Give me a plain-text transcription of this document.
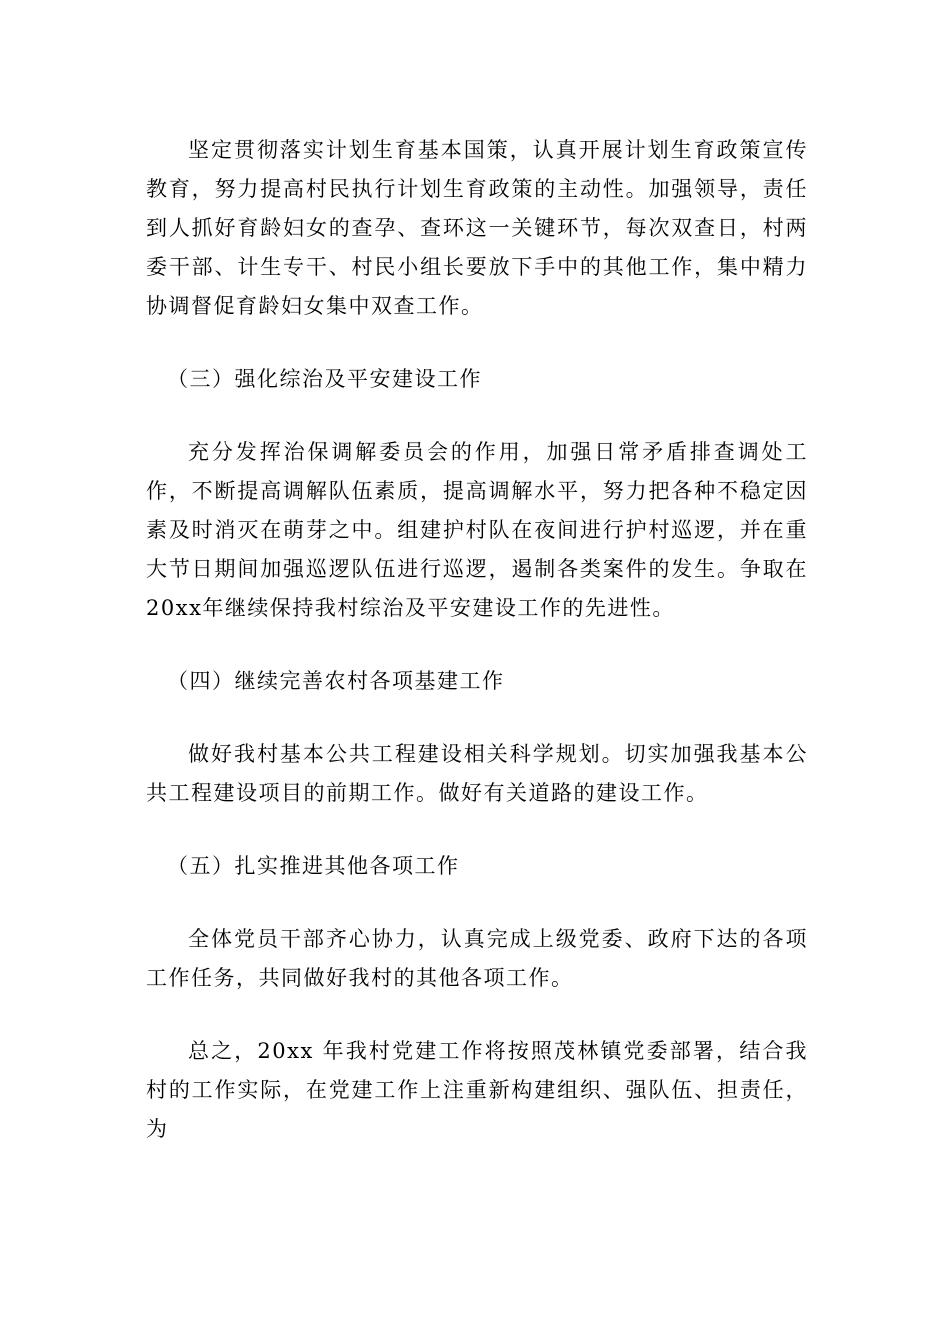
坚定贯彻落实计划生育基本国策，认真开展计划生育政策宣传教育，努力提高村民执行计划生育政策的主动性。加强领导，责任到人抓好育龄妇女的查孕、查环这一关键环节，每次双查日，村两委干部、计生专干、村民小组长要放下手中的其他工作，集中精力协调督促育龄妇女集中双查工作。

（三）强化综治及平安建设工作

充分发挥治保调解委员会的作用，加强日常矛盾排查调处工作，不断提高调解队伍素质，提高调解水平，努力把各种不稳定因素及时消灭在萌芽之中。组建护村队在夜间进行护村巡逻，并在重大节日期间加强巡逻队伍进行巡逻，遏制各类案件的发生。争取在20xx年继续保持我村综治及平安建设工作的先进性。

（四）继续完善农村各项基建工作

做好我村基本公共工程建设相关科学规划。切实加强我基本公共工程建设项目的前期工作。做好有关道路的建设工作。

（五）扎实推进其他各项工作

全体党员干部齐心协力，认真完成上级党委、政府下达的各项工作任务，共同做好我村的其他各项工作。

总之，20xx 年我村党建工作将按照茂林镇党委部署，结合我村的工作实际，在党建工作上注重新构建组织、强队伍、担责任，为
